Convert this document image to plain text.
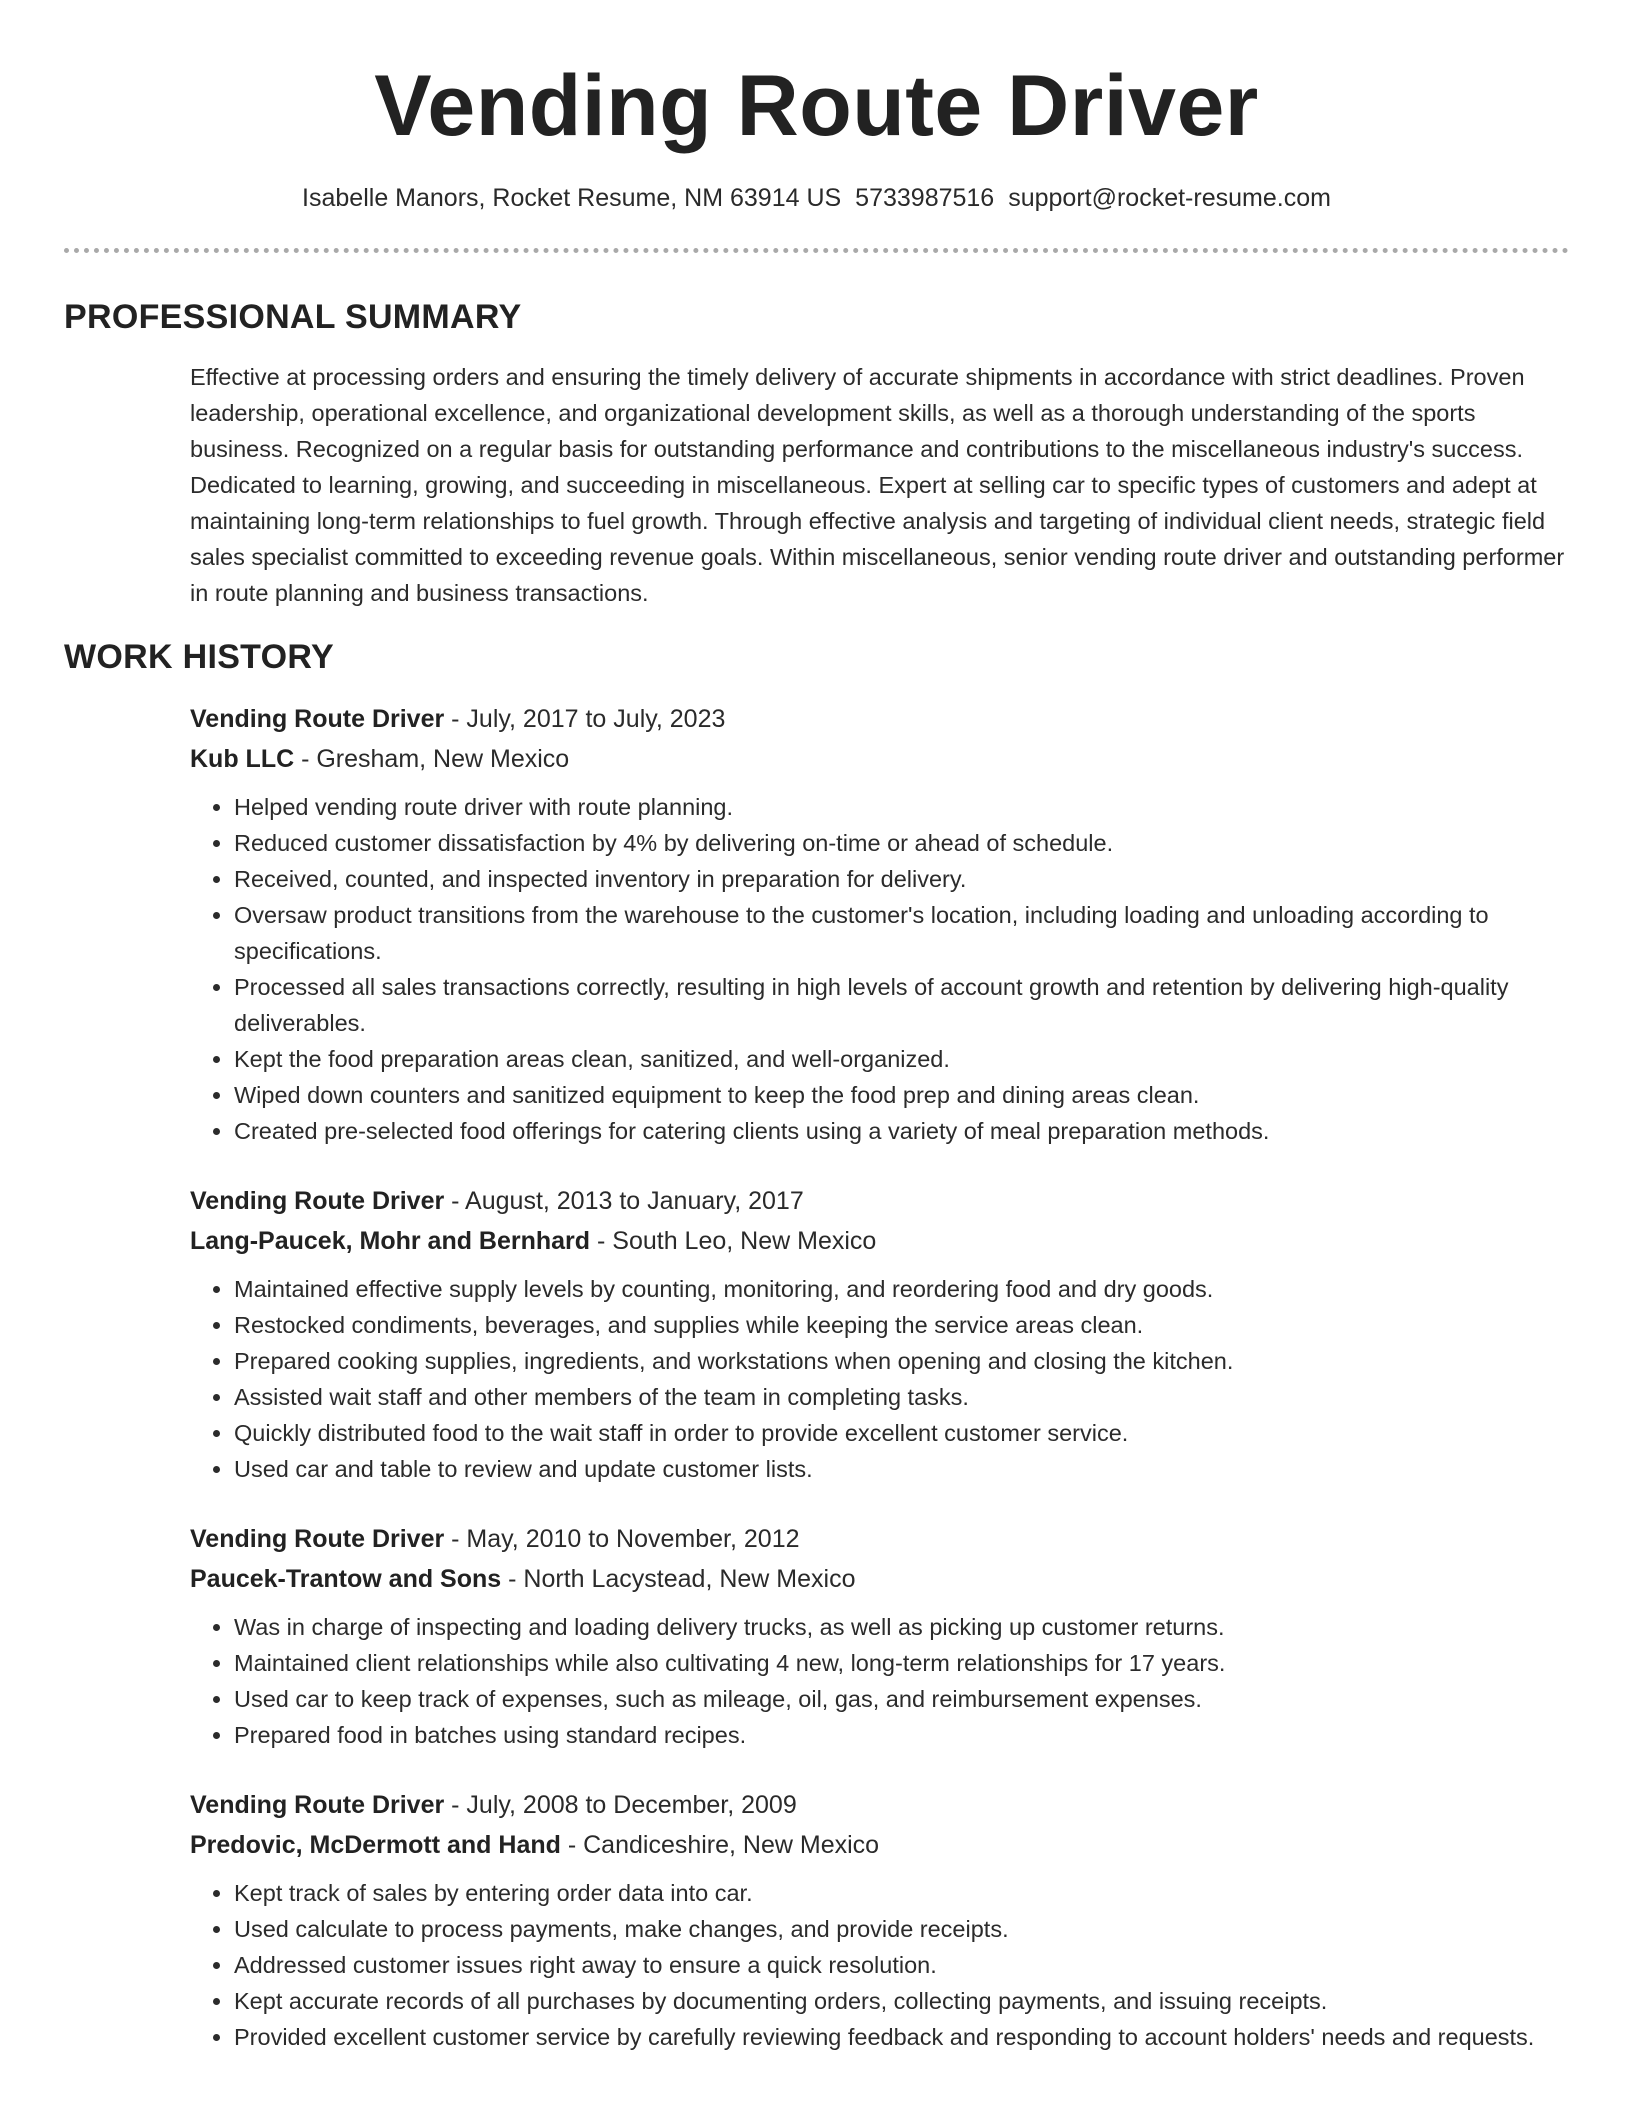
Vending Route Driver
Isabelle Manors, Rocket Resume, NM 63914 US 5733987516 support@rocket-resume.com
PROFESSIONAL SUMMARY
Effective at processing orders and ensuring the timely delivery of accurate shipments in accordance with strict deadlines. Proven leadership, operational excellence, and organizational development skills, as well as a thorough understanding of the sports business. Recognized on a regular basis for outstanding performance and contributions to the miscellaneous industry's success. Dedicated to learning, growing, and succeeding in miscellaneous. Expert at selling car to specific types of customers and adept at maintaining long-term relationships to fuel growth. Through effective analysis and targeting of individual client needs, strategic field sales specialist committed to exceeding revenue goals. Within miscellaneous, senior vending route driver and outstanding performer in route planning and business transactions.
WORK HISTORY
Vending Route Driver - July, 2017 to July, 2023
Kub LLC - Gresham, New Mexico
• Helped vending route driver with route planning.
• Reduced customer dissatisfaction by 4% by delivering on-time or ahead of schedule.
• Received, counted, and inspected inventory in preparation for delivery.
• Oversaw product transitions from the warehouse to the customer's location, including loading and unloading according to specifications.
• Processed all sales transactions correctly, resulting in high levels of account growth and retention by delivering high-quality deliverables.
• Kept the food preparation areas clean, sanitized, and well-organized.
• Wiped down counters and sanitized equipment to keep the food prep and dining areas clean.
• Created pre-selected food offerings for catering clients using a variety of meal preparation methods.
Vending Route Driver - August, 2013 to January, 2017
Lang-Paucek, Mohr and Bernhard - South Leo, New Mexico
• Maintained effective supply levels by counting, monitoring, and reordering food and dry goods.
• Restocked condiments, beverages, and supplies while keeping the service areas clean.
• Prepared cooking supplies, ingredients, and workstations when opening and closing the kitchen.
• Assisted wait staff and other members of the team in completing tasks.
• Quickly distributed food to the wait staff in order to provide excellent customer service.
• Used car and table to review and update customer lists.
Vending Route Driver - May, 2010 to November, 2012
Paucek-Trantow and Sons - North Lacystead, New Mexico
• Was in charge of inspecting and loading delivery trucks, as well as picking up customer returns.
• Maintained client relationships while also cultivating 4 new, long-term relationships for 17 years.
• Used car to keep track of expenses, such as mileage, oil, gas, and reimbursement expenses.
• Prepared food in batches using standard recipes.
Vending Route Driver - July, 2008 to December, 2009
Predovic, McDermott and Hand - Candiceshire, New Mexico
• Kept track of sales by entering order data into car.
• Used calculate to process payments, make changes, and provide receipts.
• Addressed customer issues right away to ensure a quick resolution.
• Kept accurate records of all purchases by documenting orders, collecting payments, and issuing receipts.
• Provided excellent customer service by carefully reviewing feedback and responding to account holders' needs and requests.
